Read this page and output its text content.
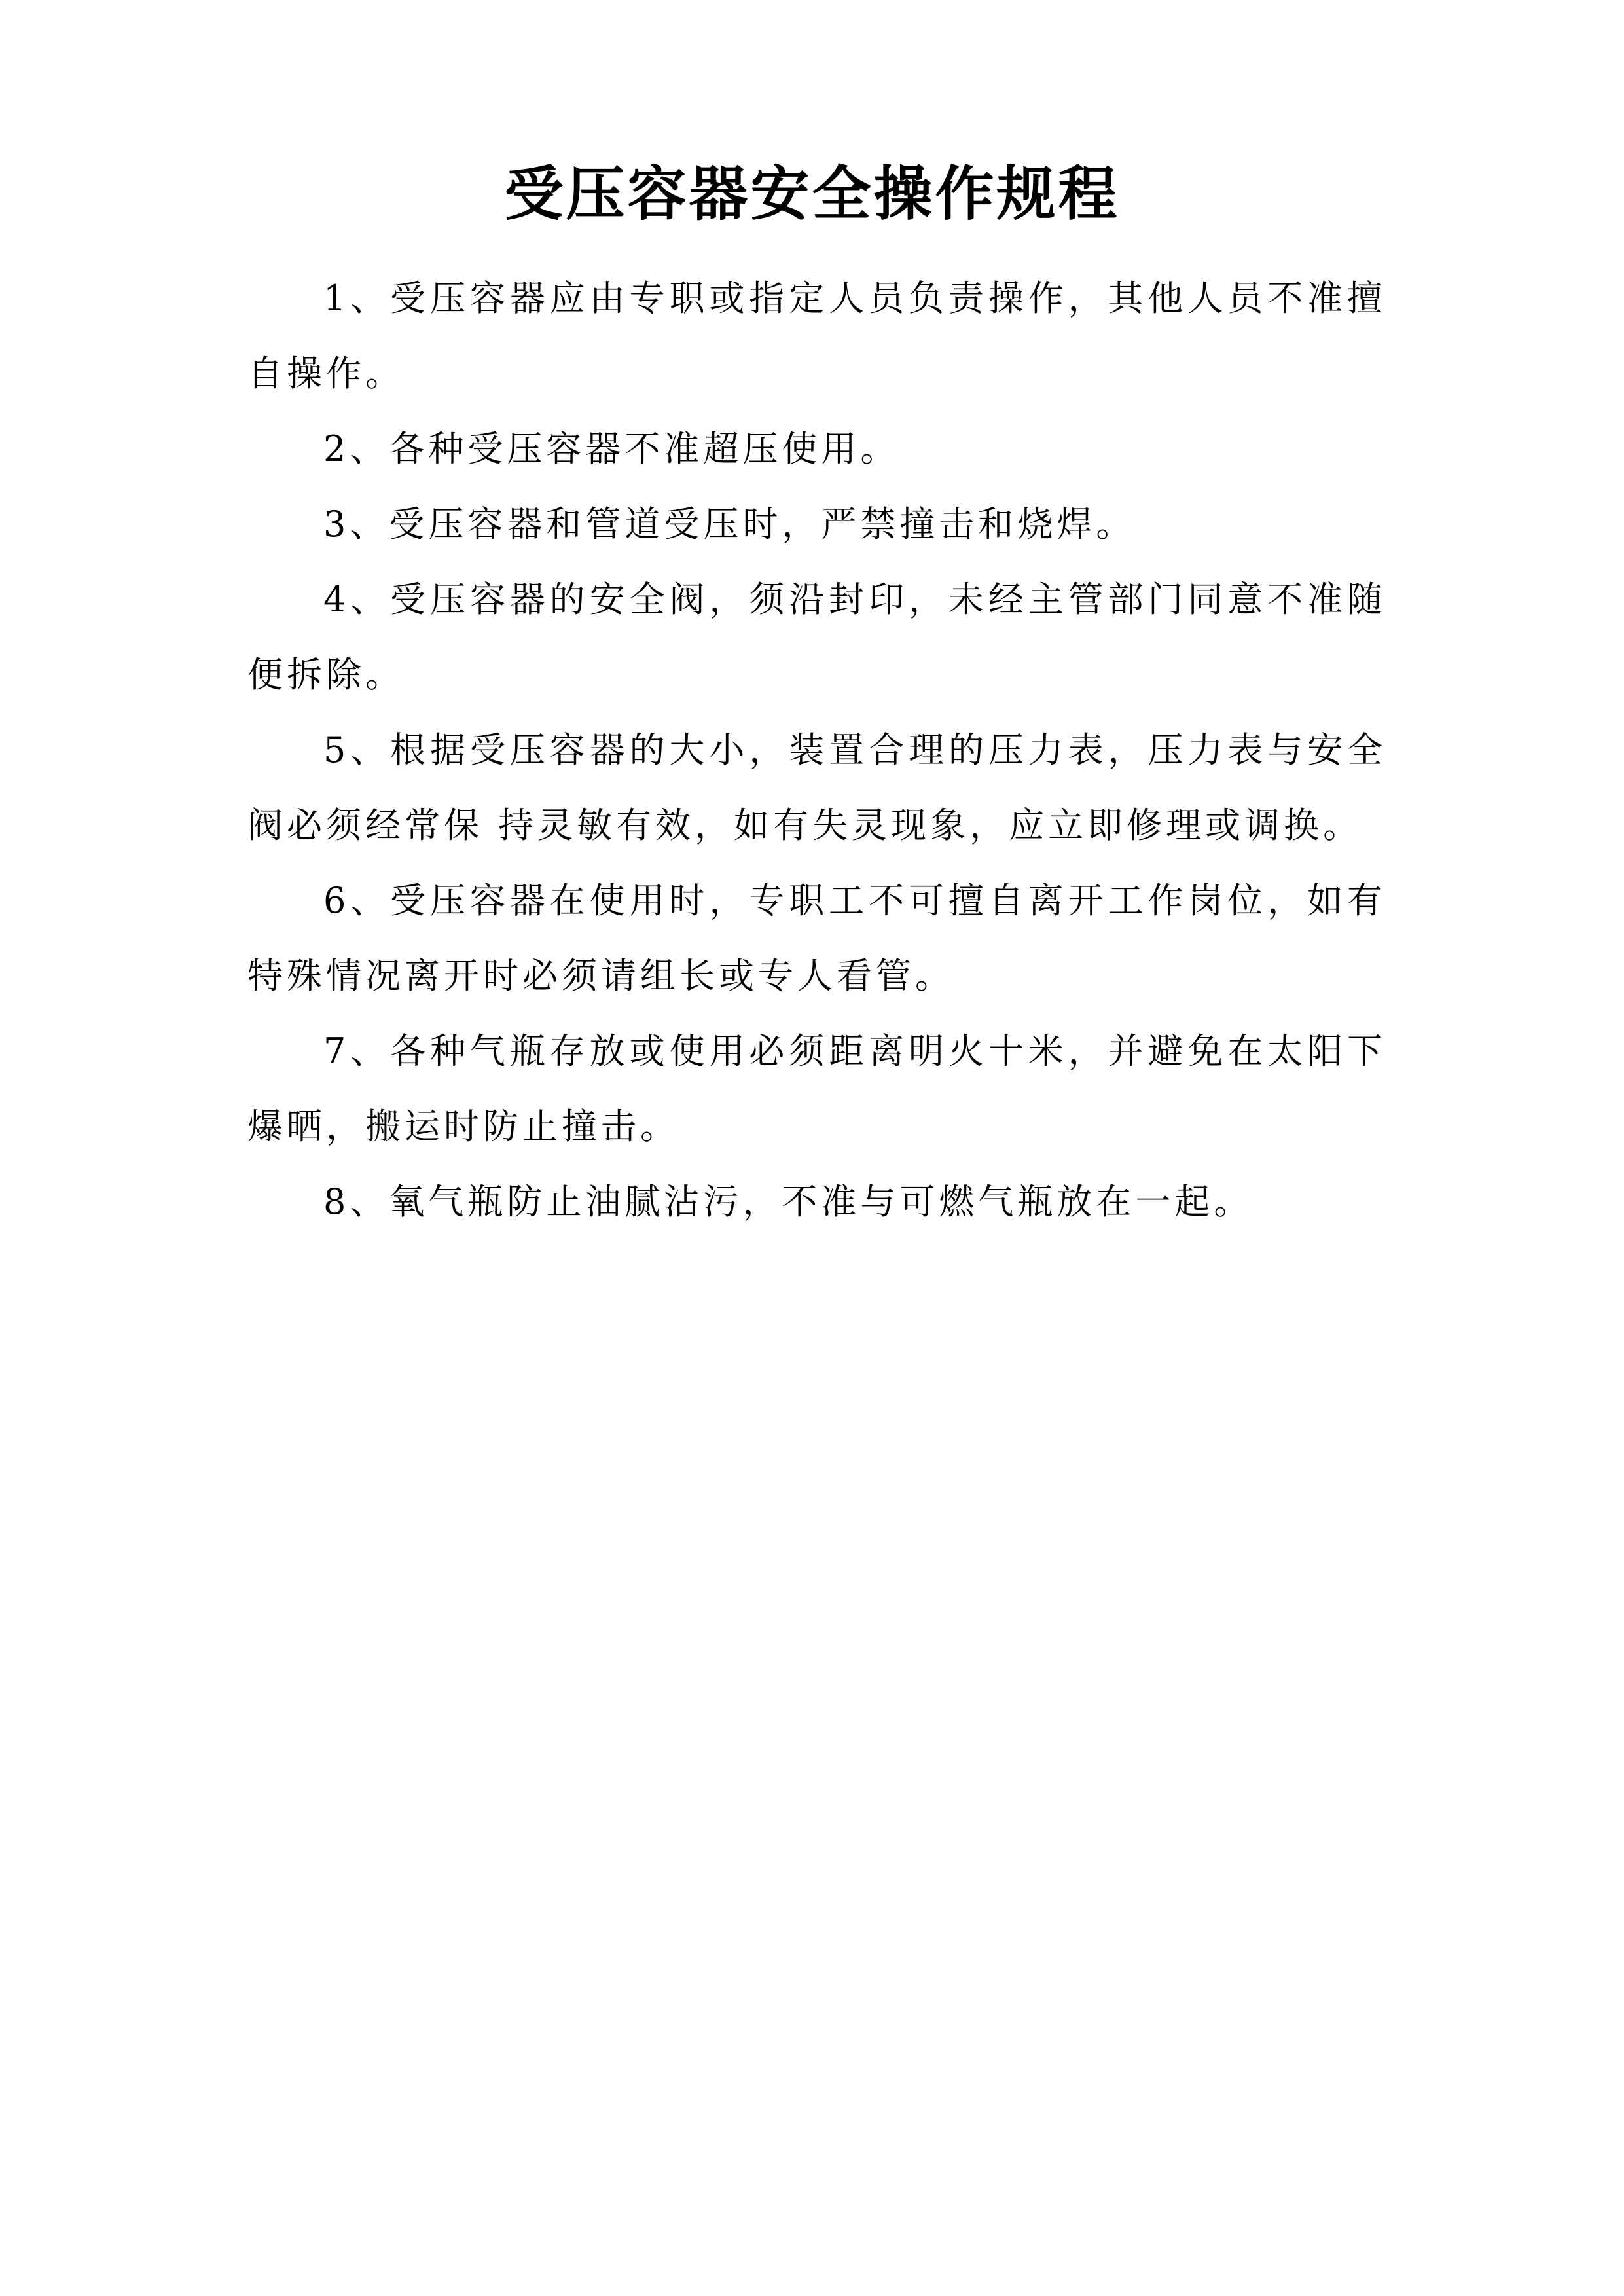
受压容器安全操作规程

1、受压容器应由专职或指定人员负责操作，其他人员不准擅自操作。

2、各种受压容器不准超压使用。

3、受压容器和管道受压时，严禁撞击和烧焊。

4、受压容器的安全阀，须沿封印，未经主管部门同意不准随便拆除。

5、根据受压容器的大小，装置合理的压力表，压力表与安全阀必须经常保 持灵敏有效，如有失灵现象，应立即修理或调换。

6、受压容器在使用时，专职工不可擅自离开工作岗位，如有特殊情况离开时必须请组长或专人看管。

7、各种气瓶存放或使用必须距离明火十米，并避免在太阳下爆晒，搬运时防止撞击。

8、氧气瓶防止油腻沾污，不准与可燃气瓶放在一起。
